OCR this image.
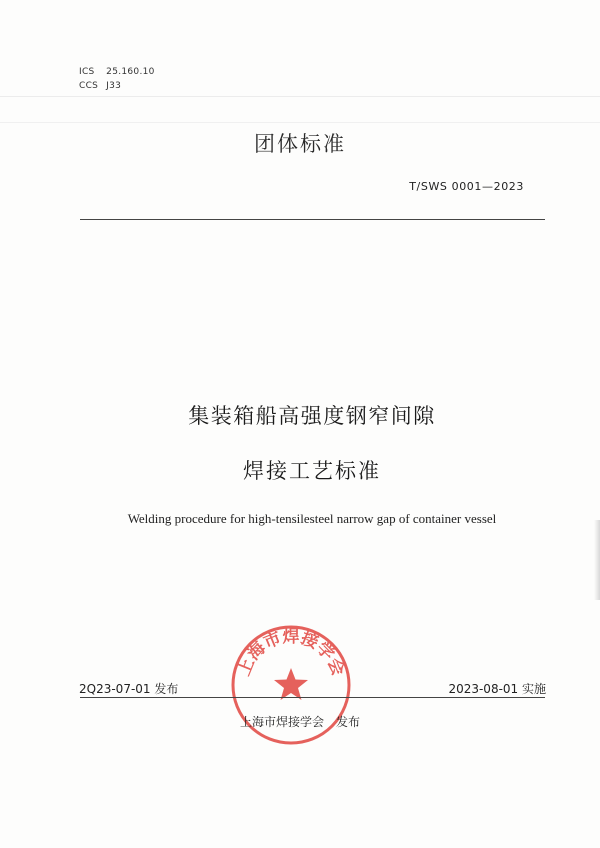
ICS 25.160.10
CCS J33
团体标准
T/SWS 0001—2023
集装箱船高强度钢窄间隙
焊接工艺标准
Welding procedure for high-tensilesteel narrow gap of container vessel
上海市焊接学会
2Q23-07-01 发布	2023-08-01 实施
上海市焊接学会 发布
